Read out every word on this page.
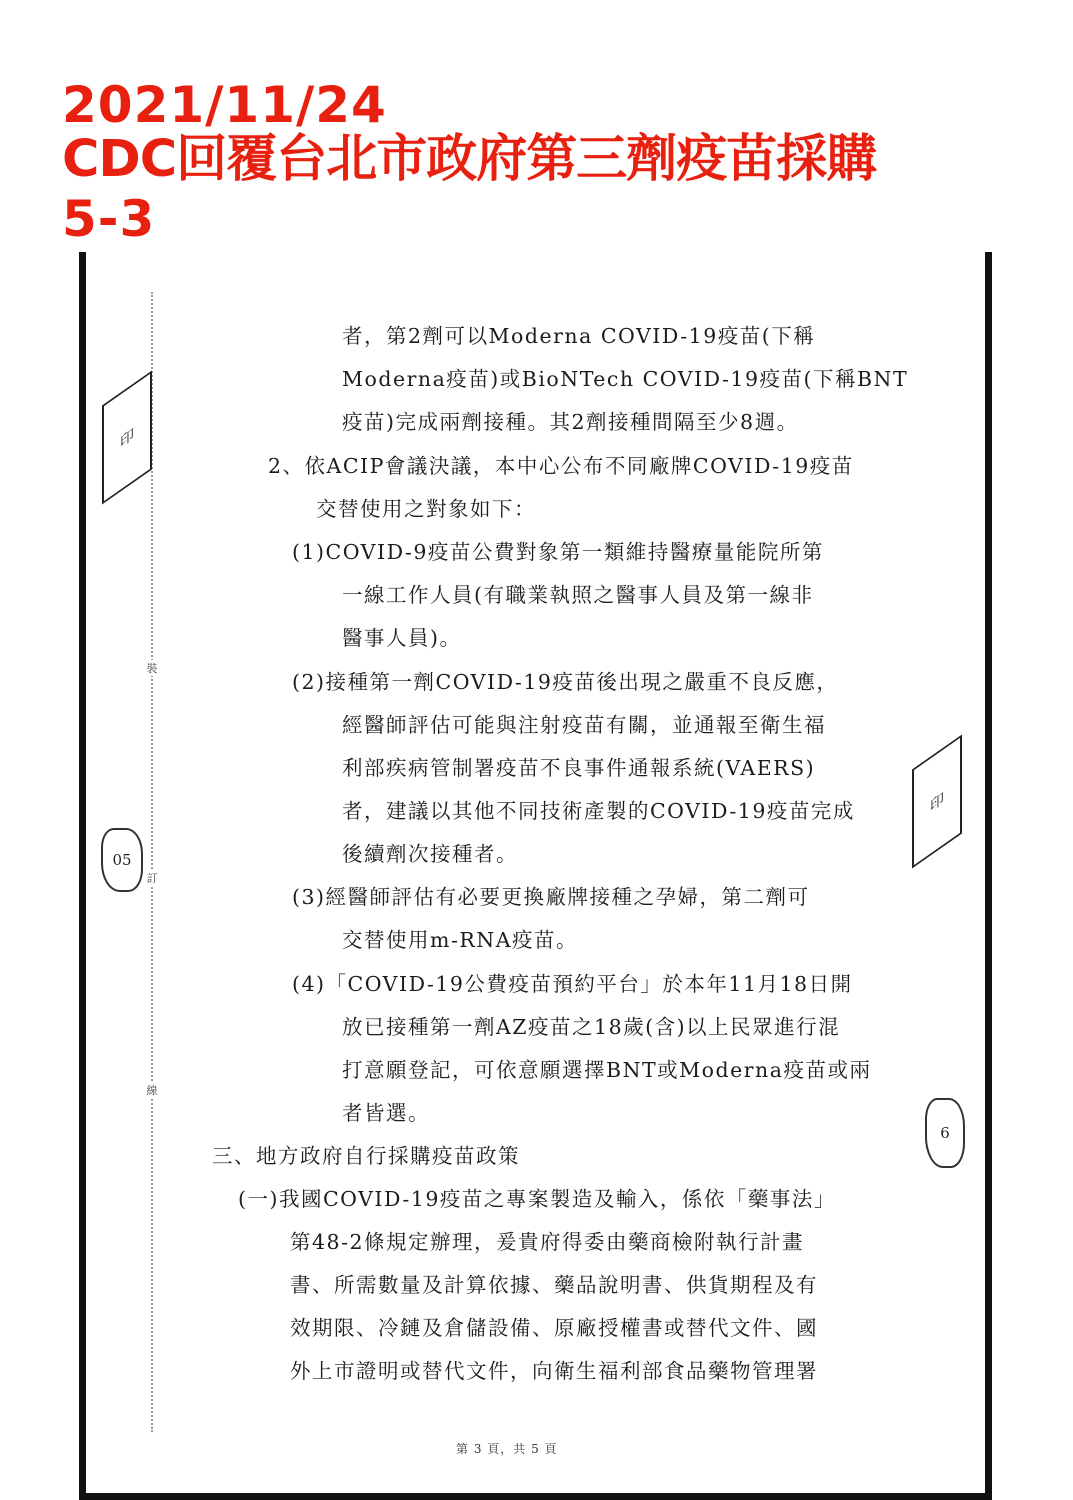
2021/11/24
CDC回覆台北市政府第三劑疫苗採購
5-3
裝
訂
線
印
印
05
6
者，第2劑可以Moderna COVID-19疫苗(下稱
Moderna疫苗)或BioNTech COVID-19疫苗(下稱BNT
疫苗)完成兩劑接種。其2劑接種間隔至少8週。
2、依ACIP會議決議，本中心公布不同廠牌COVID-19疫苗
交替使用之對象如下：
(1)COVID-9疫苗公費對象第一類維持醫療量能院所第
一線工作人員(有職業執照之醫事人員及第一線非
醫事人員)。
(2)接種第一劑COVID-19疫苗後出現之嚴重不良反應，
經醫師評估可能與注射疫苗有關，並通報至衛生福
利部疾病管制署疫苗不良事件通報系統(VAERS)
者，建議以其他不同技術產製的COVID-19疫苗完成
後續劑次接種者。
(3)經醫師評估有必要更換廠牌接種之孕婦，第二劑可
交替使用m-RNA疫苗。
(4)「COVID-19公費疫苗預約平台」於本年11月18日開
放已接種第一劑AZ疫苗之18歲(含)以上民眾進行混
打意願登記，可依意願選擇BNT或Moderna疫苗或兩
者皆選。
三、地方政府自行採購疫苗政策
(一)我國COVID-19疫苗之專案製造及輸入，係依「藥事法」
第48-2條規定辦理，爰貴府得委由藥商檢附執行計畫
書、所需數量及計算依據、藥品說明書、供貨期程及有
效期限、冷鏈及倉儲設備、原廠授權書或替代文件、國
外上市證明或替代文件，向衛生福利部食品藥物管理署
第 3 頁，共 5 頁
